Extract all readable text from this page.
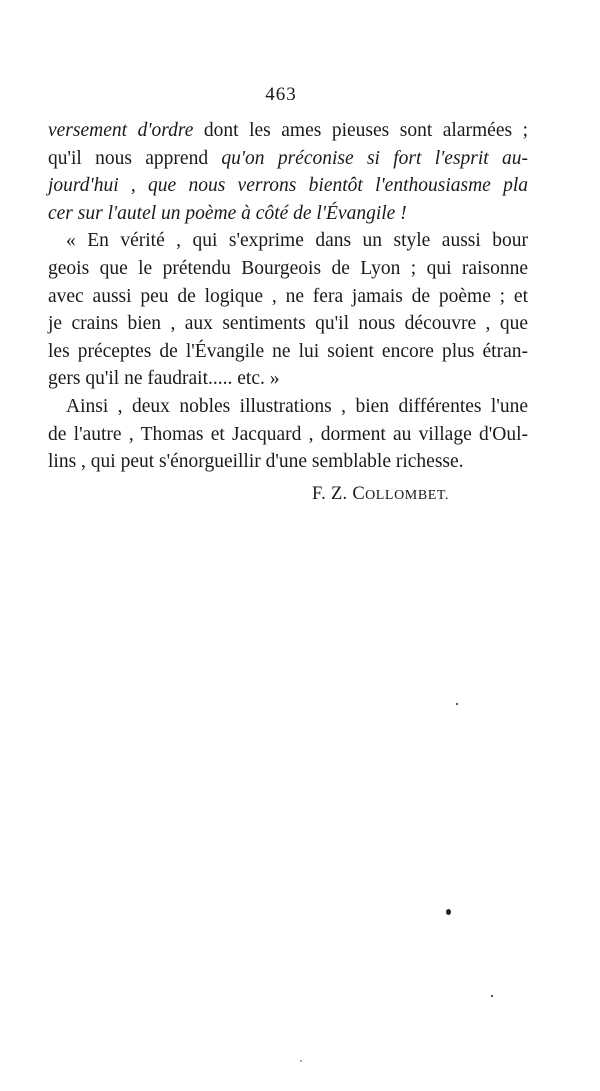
463
versement d'ordre dont les ames pieuses sont alarmées ;
qu'il nous apprend qu'on préconise si fort l'esprit au-
jourd'hui , que nous verrons bientôt l'enthousiasme pla
cer sur l'autel un poème à côté de l'Évangile !
« En vérité , qui s'exprime dans un style aussi bour
geois que le prétendu Bourgeois de Lyon ; qui raisonne
avec aussi peu de logique , ne fera jamais de poème ; et
je crains bien , aux sentiments qu'il nous découvre , que
les préceptes de l'Évangile ne lui soient encore plus étran-
gers qu'il ne faudrait..... etc. »
Ainsi , deux nobles illustrations , bien différentes l'une
de l'autre , Thomas et Jacquard , dorment au village d'Oul-
lins , qui peut s'énorgueillir d'une semblable richesse.
F. Z. COLLOMBET.
